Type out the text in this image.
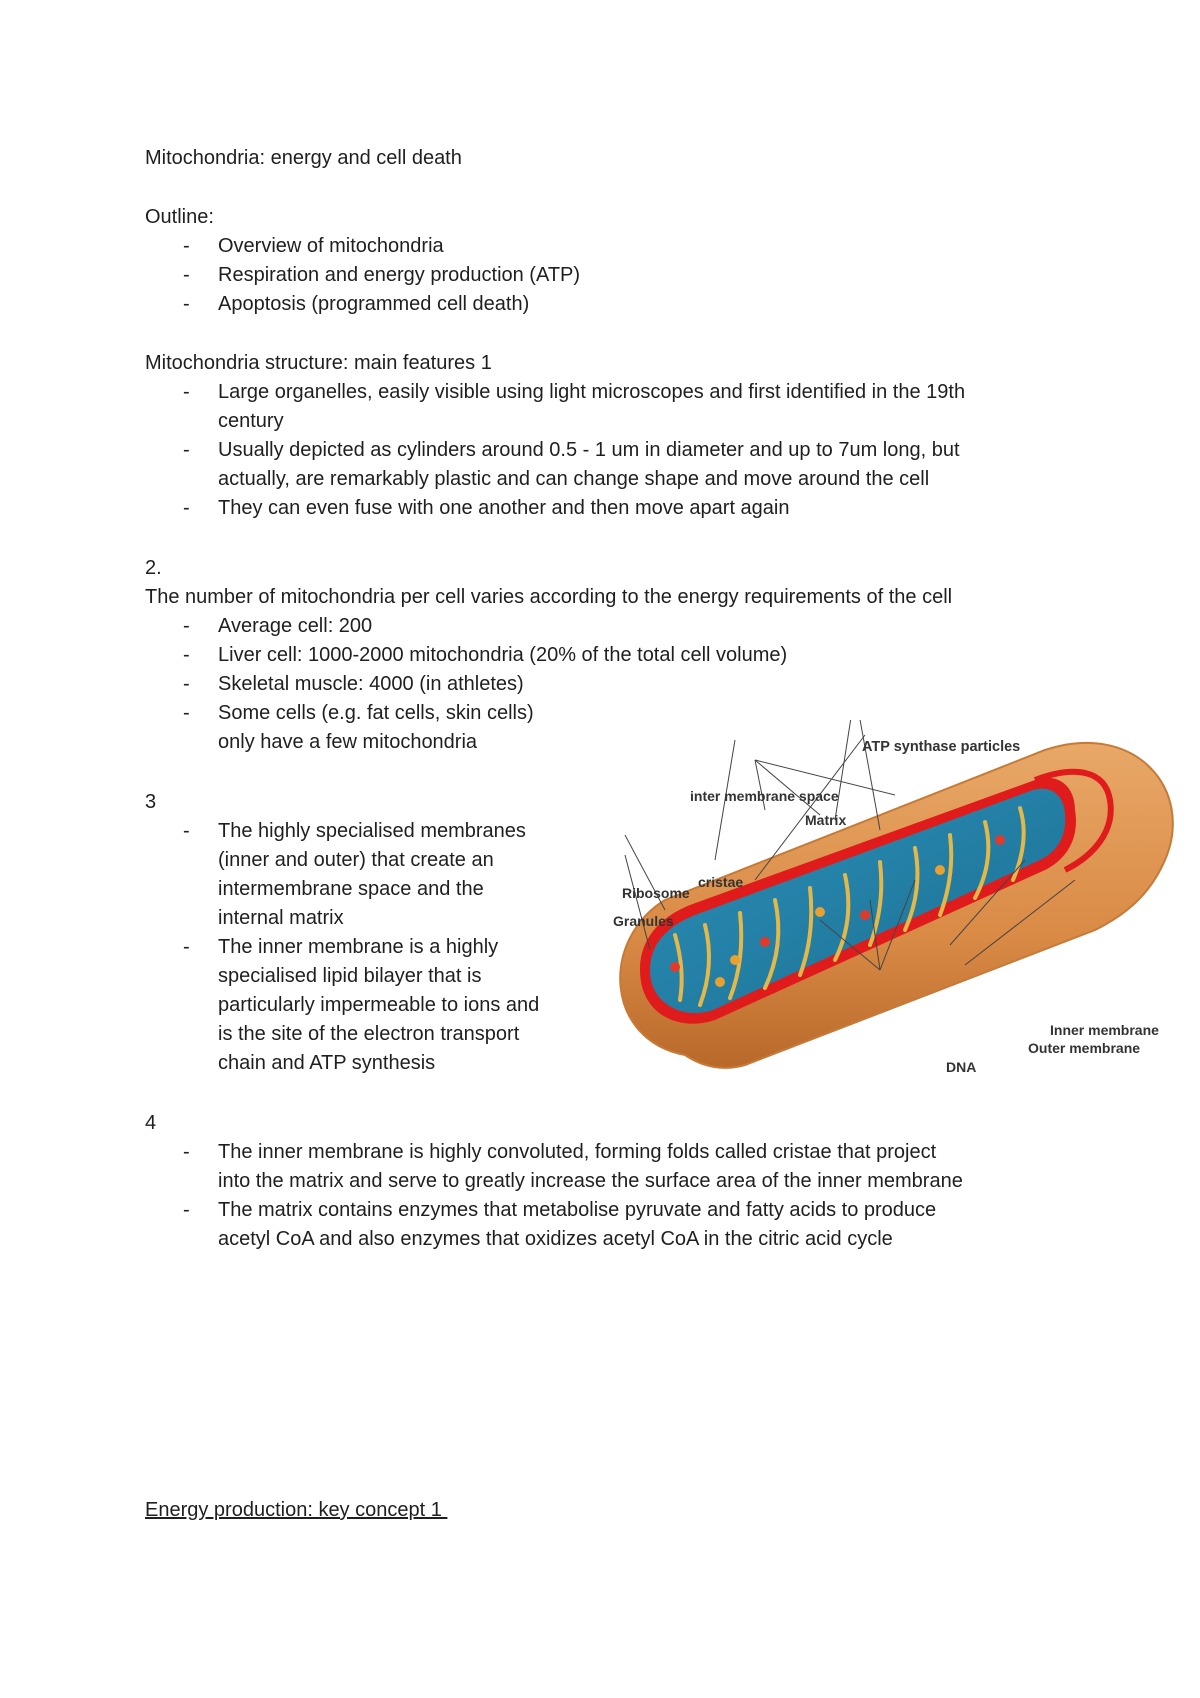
Mitochondria: energy and cell death
Outline:
- Overview of mitochondria
- Respiration and energy production (ATP)
- Apoptosis (programmed cell death)
Mitochondria structure: main features 1
- Large organelles, easily visible using light microscopes and first identified in the 19th
century
- Usually depicted as cylinders around 0.5 - 1 um in diameter and up to 7um long, but
actually, are remarkably plastic and can change shape and move around the cell
- They can even fuse with one another and then move apart again
2.
The number of mitochondria per cell varies according to the energy requirements of the cell
- Average cell: 200
- Liver cell: 1000-2000 mitochondria (20% of the total cell volume)
- Skeletal muscle: 4000 (in athletes)
- Some cells (e.g. fat cells, skin cells)
only have a few mitochondria
3
- The highly specialised membranes
(inner and outer) that create an
intermembrane space and the
internal matrix
- The inner membrane is a highly
specialised lipid bilayer that is
particularly impermeable to ions and
is the site of the electron transport
chain and ATP synthesis
4
- The inner membrane is highly convoluted, forming folds called cristae that project
into the matrix and serve to greatly increase the surface area of the inner membrane
- The matrix contains enzymes that metabolise pyruvate and fatty acids to produce
acetyl CoA and also enzymes that oxidizes acetyl CoA in the citric acid cycle
Energy production: key concept 1
ATP synthase particles
inter membrane space
Matrix
cristae
Ribosome
Granules
Inner membrane
Outer membrane
DNA
